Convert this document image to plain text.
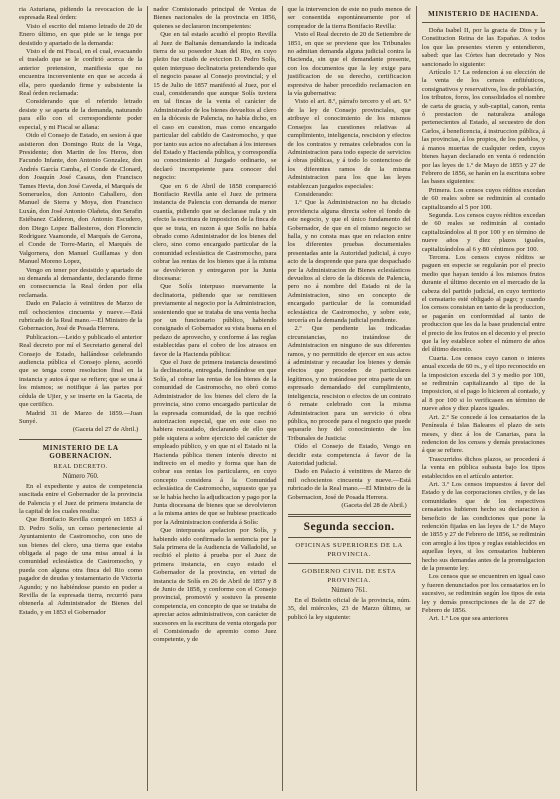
ria Asturiana, pidiendo la revocacion de la espresada Real órden:

Visto el escrito del mismo letrado de 20 de Enero último, en que pide se le tenga por desistido y apartado de la demanda:

Visto el de mi Fiscal, en el cual, evacuando el traslado que se le confirió acerca de la anterior pretension, manifiesta que no encuentra inconveniente en que se acceda á ella, pero quedando firme y subsistente la Real órden reclamada:

Considerando que el referido letrado desiste y se aparta de la demanda, naturando para ello con el correspondiente poder especial, y mi Fiscal se allana:

Oido el Consejo de Estado, en sesion á que asistieron don Domingo Ruiz de la Vega, Presidente; don Martin de los Heros, don Facundo Infante, don Antonio Gonzalez, don Andrés García Camba, el Conde de Clonard, don Joaquín José Casaus, don Francisco Tames Hevia, don José Caveda, el Marqués de Someruelos, don Antonio Caballero, don Manuel de Sierra y Moya, don Francisco Luxán, don José Antonio Olañeta, don Serafin Estébanez Calderon, don Antonio Escudero, don Diego Lopez Ballesteros, don Florencio Rodriguez Vaamonde, el Marqués de Gerona, el Conde de Torre-Marin, el Marqués de Valgornera, don Manuel Guillamas y don Manuel Moreno Lopez,

Vengo en tener por desistido y apartado de su demanda al demandante, declarando firme en consecuencia la Real órden por ella reclamada.

Dado en Palacio á veintitres de Marzo de mil ochocientos cincuenta y nueve.—Está rubricado de la Real mano.—El Ministro de la Gobernacion, José de Posada Herrera.

Publicacion.—Leido y publicado el anterior Real decreto por mí el Secretario general del Consejo de Estado, hallándose celebrando audiencia pública el Consejo pleno, acordó que se tenga como resolucion final en la instancia y autos á que se refiere; que se una á los mismos; se notifique á las partes por cédula de Ujier, y se inserte en la Gaceta, de que certifico.

Madrid 31 de Marzo de 1859.—Juan Sunyé.

(Gaceta del 27 de Abril.)
MINISTERIO DE LA GOBERNACION.
REAL DECRETO.
Número 760.

En el expediente y autos de competencia suscitada entre el Gobernador de la provincia de Palencia y el Juez de primera instancia de la capital de los cuales resulta:

Que Bonifacio Revilla compró en 1853 á D. Pedro Solís, un censo perteneciente al Ayuntamiento de Castromocho, con uno de sus bienes del clero, una tierra que estaba obligada al pago de una misa anual á la comunidad eclesiástica de Castromocho, y pueda con alguna otra finca del Rio como pagador de deudas y testamentario de Victoria Agundo; y no habiéndose puesto en poder a Revilla de la espresada tierra, recurrió para obtenerla al Administrador de Bienes del Estado, y en 1853 el Gobernador

nador Comisionado principal de Ventas de Bienes nacionales de la provincia en 1856, quienes se declararon incompetentes:

Que en tal estado acudió el propio Revilla al Juez de Baltanás demandando la indicada tierra de su poseedor Juan del Rio, en cuyo pleito fue citado de eviccion D. Pedro Solís, quien interpuso declinatoria pretendiendo que el negocio pasase al Consejo provincial; y el 15 de Julio de 1857 manifestó al Juez, por el cual, considerando que aunque Solís tuviera en tal fincas de la venta el carácter de Administrador de los bienes devueltos al clero en la diócesis de Palencia, no había dicho, en el caso en cuestion, mas como encargado particular del cabildo de Castromocho, y que por tanto sus actos no afectaban á los intereses del Estado y Hacienda pública, y correspondía su conocimiento al Juzgado ordinario, se declaró incompetente para conocer del negocio:

Que en 6 de Abril de 1858 compareció Bonifacio Revilla ante el Juez de primera instancia de Palencia con demanda de menor cuantía, pidiendo que se declarase nula y sin efecto la escritura de imposicion de la finca de que se trata, en razon á que Solís no había obrado como Administrador de los bienes del clero, sino como encargado particular de la comunidad eclesiástica de Castromocho, para cobrar las rentas de los bienes que á la misma se devolvieron y entregaron por la Junta diocesana:

Que Solís interpuso nuevamente la declinatoria, pidiendo que se remitiesen previamente al negocio por la Administracion, sosteniendo que se trataba de una venta hecha por un funcionario público, habiendo consignado el Gobernador su vista buena en el pedazo de aprovecho, y conforme á las reglas establecidas para el cobro de los atrasos en favor de la Hacienda pública:

Que el Juez de primera instancia desestimó la declinatoria, entregada, fundándose en que Solís, al cobrar las rentas de los bienes de la comunidad de Castromocho, no obró como Administrador de los bienes del clero de la provincia, sino como encargado particular de la espresada comunidad, de la que recibió autorizacion especial, que en este caso no habiera recaudado, declarando de ello que pide siquiera a sobre ejercicio del carácter de empleado público, y en que ni el Estado ni la Hacienda pública tienen interés directo ni indirecto en el medio y forma que han de cobrar sus rentas los particulares, en cuyo concepto considera á la Comunidad eclesiástica de Castromocho, supuesto que ya se le había hecho la adjudicacion y pago por la Junta diocesana de bienes que se devolvieron a la misma antes de que se hubiese practicado por la Administracion conferida á Solís:

Que interpuesta apelacion por Solís, y habiendo sido confirmado la sentencia por la Sala primera de la Audiencia de Valladolid, se recibió el pleito á prueba por el Juez de primera instancia, en cuyo estado el Gobernador de la provincia, en virtud de instancia de Solís en 26 de Abril de 1857 y 8 de Junio de 1858, y conforme con el Consejo provincial, promovió y sostuvo la presente competencia, en concepto de que se trataba de apreciar actos administrativos, con carácter de sucesores en la escritura de venta otorgada por el Comisionado de apremio como Juez competente, y de

que la intervencion de este no pudo menos de ser consentida espontáneamente por el comprador de la tierra Bonifacio Revilla:

Visto el Real decreto de 20 de Setiembre de 1851, en que se previene que los Tribunales no admitan demanda alguna judicial contra la Hacienda, sin que el demandante presente, con los documentos que la ley exige para justificacion de su derecho, certificacion espresiva de haber precedido reclamacion en la vía gubernativa:

Visto el art. 8.º, párrafo tercero y el art. 9.º de la ley de Consejo provinciales, que atribuye el conocimiento de los mismos Consejos las cuestiones relativas al cumplimiento, inteligencia, rescision y efectos de los contratos y remates celebrados con la Administracion para todo especie de servicios á obras públicas, y á todo lo contencioso de los diferentes ramos de la misma Administracion para los que las leyes establezcan juzgados especiales:

Considerando:

1.º Que la Administracion no ha dictado providencia alguna directa sobre el fondo de este negocio, y que el único fundamento del Gobernador, de que en el mismo negocio se halla, y no consta mas que en relacion entre los diferentes pruebas documentales presentadas ante la Autoridad judicial, á cuyo acto de la desprende que para que despachado por la Administracion de Bienes eclesiásticos devueltos al clero de la diócesis de Palencia, pero no á nombre del Estado ni de la Administracion, sino en concepto de encargado particular de la comunidad eclesiástica de Castromocho, y sobre este, tercería en la demanda judicial pendiente.

2.º Que pendiente las indicadas circunstancias, no tratándose de Administracion en ninguno de sus diferentes ramos, y no permitido de ejercer en sus actos á administrar y recaudar los bienes y demás efectos que proceden de particulares legítimos, y no tratándose por otra parte de un espresado demandado del cumplimiento, inteligencia, rescision o efectos de un contrato ó remate celebrado con la misma Administracion para un servicio ó obra pública, no procede para el negocio que puede separarle hoy del conocimiento de los Tribunales de Justicia:

Oído el Consejo de Estado, Vengo en decidir esta competencia á favor de la Autoridad judicial.

Dado en Palacio á veintitres de Marzo de mil ochocientos cincuenta y nueve.—Está rubricado de la Real mano.—El Ministro de la Gobernacion, José de Posada Herrera.

(Gaceta del 28 de Abril.)
Segunda seccion.
OFICINAS SUPERIORES DE LA PROVINCIA.
GOBIERNO CIVIL DE ESTA PROVINCIA.
Número 761.

En el Boletin oficial de la provincia, núm. 35, del miércoles, 23 de Marzo último, se publicó la ley siguiente:

MINISTERIO DE HACIENDA.

Doña Isabel II, por la gracia de Dios y la Constitucion Reina de las Españas. A todos los que las presentes vieren y entendieren, sabed: que las Córtes han decretado y Nos sancionado lo siguiente:

Artículo 1.º La redencion á su elección de la venta de los censos enfitéuticos, consignativos y reservativos, los de población, los tributos, foros, los consolidados el nombre de carta de gracia, y sub-capital, canon, renta ó prestacion de naturaleza análoga pertenecientes al Estado, al secuestro de don Carlos, á beneficencia, á instruccion pública, á las provincias, á los propios, de los pueblos, y á manos muertas de cualquier orden, cuyos bienes hayan declarado en venta ó redención por las leyes de 1.º de Mayo de 1855 y 27 de Febrero de 1856, se harán en la escritura sobre las bases siguientes:

Primera. Los censos cuyos réditos excedan de 60 reales sobre se redimirán al contado capitalizando al 5 por 100.

Segunda. Los censos cuyos réditos excedan de 60 reales se redimirán al contado capitalizándolos al 8 por 100 y en término de nueve años y diez plazos iguales, capitalizándolos al 6 y 80 céntimos por 100.

Tercera. Los censos cuyos réditos se paguen en especie se regularán por el precio medio que hayan tenido á los mismos frutos durante el último decenio en el mercado de la cabeza del partido judicial, en cuyo territorio el censatario esté obligado al pago; y cuando los censos consistan en tanto de la produccion, se pagarán en conformidad al tanto de produccion que les da la base prudencial entre el precio de los frutos en el decenio y el precio que la ley establece sobre el número de años del último decenio.

Cuarta. Los censos cuyo canon o interes anual exceda de 60 rs., y el tipo reconocido en la imposicion exceda del 3 y medio por 100, se redimirán capitalizando al tipo de la imposicion, si el pago lo hicieren al contado, y al 8 por 100 si lo verificasen en término de nueve años y diez plazos iguales.

Art. 2.º Se concede á los censatarios de la Península é Islas Baleares el plazo de seis meses, y diez á los de Canarias, para la redencion de los censos y demás prestaciones á que se refiere.

Trascurridos dichos plazos, se procederá á la venta en pública subasta bajo los tipos establecidos en el artículo anterior.

Art. 3.º Los censos impuestos á favor del Estado y de las corporaciones civiles, y de las comunidades que de los respectivos censatarios hubieren hecho su declaracion á beneficio de las condiciones que pone la redención fijadas en las leyes de 1.º de Mayo de 1855 y 27 de Febrero de 1856, se redimirán con arreglo á los tipos y reglas establecidos en aquellas leyes, si los censatarios hubieren hecho sus demandas antes de la promulgacion de la presente ley.

Los censos que se encuentren en igual caso y fueren denunciados por los censatarios en lo sucesivo, se redimirán según los tipos de esta ley y demás prescripciones de la de 27 de Febrero de 1856.

Art. 1.º Los que sea anteriores
